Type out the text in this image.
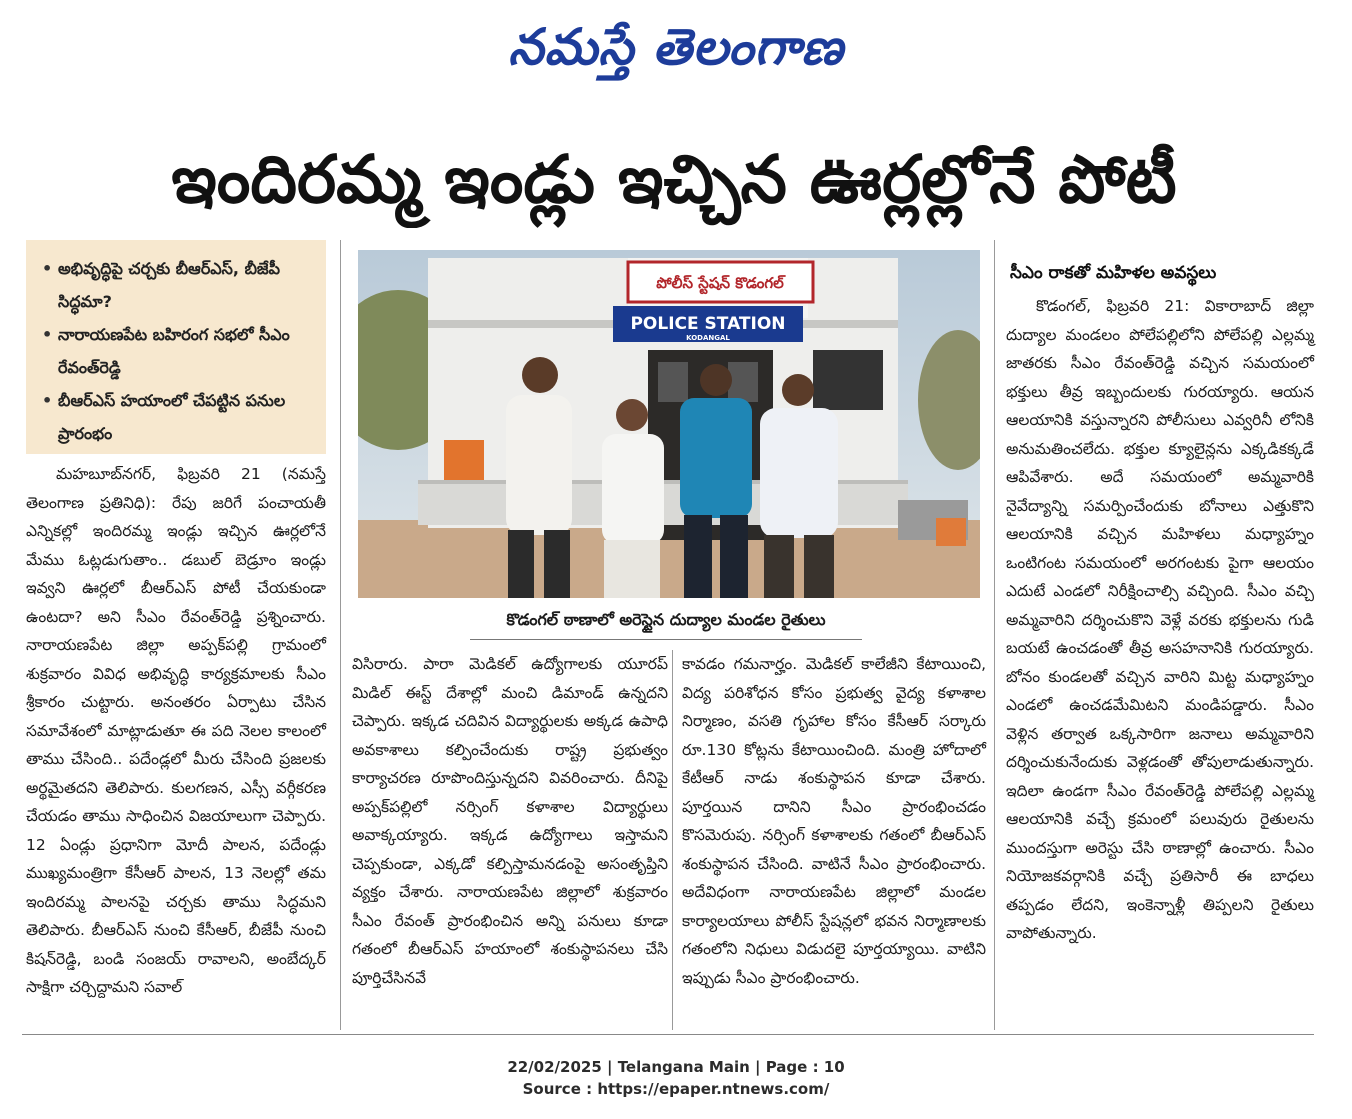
నమస్తే తెలంగాణ
ఇందిరమ్మ ఇండ్లు ఇచ్చిన ఊర్లల్లోనే పోటీ
• అభివృద్ధిపై చర్చకు బీఆర్ఎస్, బీజేపీ సిద్ధమా?
• నారాయణపేట బహిరంగ సభలో సీఎం రేవంత్‌రెడ్డి
• బీఆర్ఎస్ హయాంలో చేపట్టిన పనుల ప్రారంభం

మహబూబ్‌నగర్, ఫిబ్రవరి 21 (నమస్తే తెలంగాణ ప్రతినిధి): రేపు జరిగే పంచాయతీ ఎన్నికల్లో ఇందిరమ్మ ఇండ్లు ఇచ్చిన ఊర్లలోనే మేము ఓట్లడుగుతాం.. డబుల్ బెడ్రూం ఇండ్లు ఇవ్వని ఊర్లలో బీఆర్ఎస్ పోటీ చేయకుండా ఉంటదా? అని సీఎం రేవంత్‌రెడ్డి ప్రశ్నించారు. నారాయణపేట జిల్లా అప్పక్‌పల్లి గ్రామంలో శుక్రవారం వివిధ అభివృద్ధి కార్యక్రమాలకు సీఎం శ్రీకారం చుట్టారు. అనంతరం ఏర్పాటు చేసిన సమావేశంలో మాట్లాడుతూ ఈ పది నెలల కాలంలో తాము చేసింది.. పదేండ్లలో మీరు చేసింది ప్రజలకు అర్థమైతదని తెలిపారు. కులగణన, ఎస్సీ వర్గీకరణ చేయడం తాము సాధించిన విజయాలుగా చెప్పారు. 12 ఏండ్లు ప్రధానిగా మోదీ పాలన, పదేండ్లు ముఖ్యమంత్రిగా కేసీఆర్ పాలన, 13 నెలల్లో తమ ఇందిరమ్మ పాలనపై చర్చకు తాము సిద్ధమని తెలిపారు. బీఆర్ఎస్ నుంచి కేసీఆర్, బీజేపీ నుంచి కిషన్‌రెడ్డి, బండి సంజయ్ రావాలని, అంబేద్కర్ సాక్షిగా చర్చిద్దామని సవాల్

పోలీస్ స్టేషన్ కొడంగల్
POLICE STATION
KODANGAL
కొడంగల్ ఠాణాలో అరెస్టైన దుద్యాల మండల రైతులు

విసిరారు. పారా మెడికల్ ఉద్యోగాలకు యూరప్ మిడిల్ ఈస్ట్ దేశాల్లో మంచి డిమాండ్ ఉన్నదని చెప్పారు. ఇక్కడ చదివిన విద్యార్థులకు అక్కడ ఉపాధి అవకాశాలు కల్పించేందుకు రాష్ట్ర ప్రభుత్వం కార్యాచరణ రూపొందిస్తున్నదని వివరించారు. దీనిపై అప్పక్‌పల్లిలో నర్సింగ్ కళాశాల విద్యార్థులు అవాక్కయ్యారు. ఇక్కడ ఉద్యోగాలు ఇస్తామని చెప్పకుండా, ఎక్కడో కల్పిస్తామనడంపై అసంతృప్తిని వ్యక్తం చేశారు. నారాయణపేట జిల్లాలో శుక్రవారం సీఎం రేవంత్ ప్రారంభించిన అన్ని పనులు కూడా గతంలో బీఆర్ఎస్ హయాంలో శంకుస్థాపనలు చేసి పూర్తిచేసినవే

కావడం గమనార్హం. మెడికల్ కాలేజీని కేటాయించి, విద్య పరిశోధన కోసం ప్రభుత్వ వైద్య కళాశాల నిర్మాణం, వసతి గృహాల కోసం కేసీఆర్ సర్కారు రూ.130 కోట్లను కేటాయించింది. మంత్రి హోదాలో కేటీఆర్ నాడు శంకుస్థాపన కూడా చేశారు. పూర్తయిన దానిని సీఎం ప్రారంభించడం కొసమెరుపు. నర్సింగ్ కళాశాలకు గతంలో బీఆర్ఎస్ శంకుస్థాపన చేసింది. వాటినే సీఎం ప్రారంభించారు. అదేవిధంగా నారాయణపేట జిల్లాలో మండల కార్యాలయాలు పోలీస్ స్టేషన్లలో భవన నిర్మాణాలకు గతంలోని నిధులు విడుదలై పూర్తయ్యాయి. వాటిని ఇప్పుడు సీఎం ప్రారంభించారు.

సీఎం రాకతో మహిళల అవస్థలు

కొడంగల్, ఫిబ్రవరి 21: వికారాబాద్ జిల్లా దుద్యాల మండలం పోలేపల్లిలోని పోలేపల్లి ఎల్లమ్మ జాతరకు సీఎం రేవంత్‌రెడ్డి వచ్చిన సమయంలో భక్తులు తీవ్ర ఇబ్బందులకు గురయ్యారు. ఆయన ఆలయానికి వస్తున్నారని పోలీసులు ఎవ్వరినీ లోనికి అనుమతించలేదు. భక్తుల క్యూలైన్లను ఎక్కడికక్కడే ఆపివేశారు. అదే సమయంలో అమ్మవారికి నైవేద్యాన్ని సమర్పించేందుకు బోనాలు ఎత్తుకొని ఆలయానికి వచ్చిన మహిళలు మధ్యాహ్నం ఒంటిగంట సమయంలో అరగంటకు పైగా ఆలయం ఎదుటే ఎండలో నిరీక్షించాల్సి వచ్చింది. సీఎం వచ్చి అమ్మవారిని దర్శించుకొని వెళ్లే వరకు భక్తులను గుడి బయటే ఉంచడంతో తీవ్ర అసహనానికి గురయ్యారు. బోనం కుండలతో వచ్చిన వారిని మిట్ట మధ్యాహ్నం ఎండలో ఉంచడమేమిటని మండిపడ్డారు. సీఎం వెళ్లిన తర్వాత ఒక్కసారిగా జనాలు అమ్మవారిని దర్శించుకునేందుకు వెళ్లడంతో తోపులాడుతున్నారు. ఇదిలా ఉండగా సీఎం రేవంత్‌రెడ్డి పోలేపల్లి ఎల్లమ్మ ఆలయానికి వచ్చే క్రమంలో పలువురు రైతులను ముందస్తుగా అరెస్టు చేసి ఠాణాల్లో ఉంచారు. సీఎం నియోజకవర్గానికి వచ్చే ప్రతిసారీ ఈ బాధలు తప్పడం లేదని, ఇంకెన్నాళ్లీ తిప్పలని రైతులు వాపోతున్నారు.

22/02/2025 | Telangana Main | Page : 10
Source : https://epaper.ntnews.com/
